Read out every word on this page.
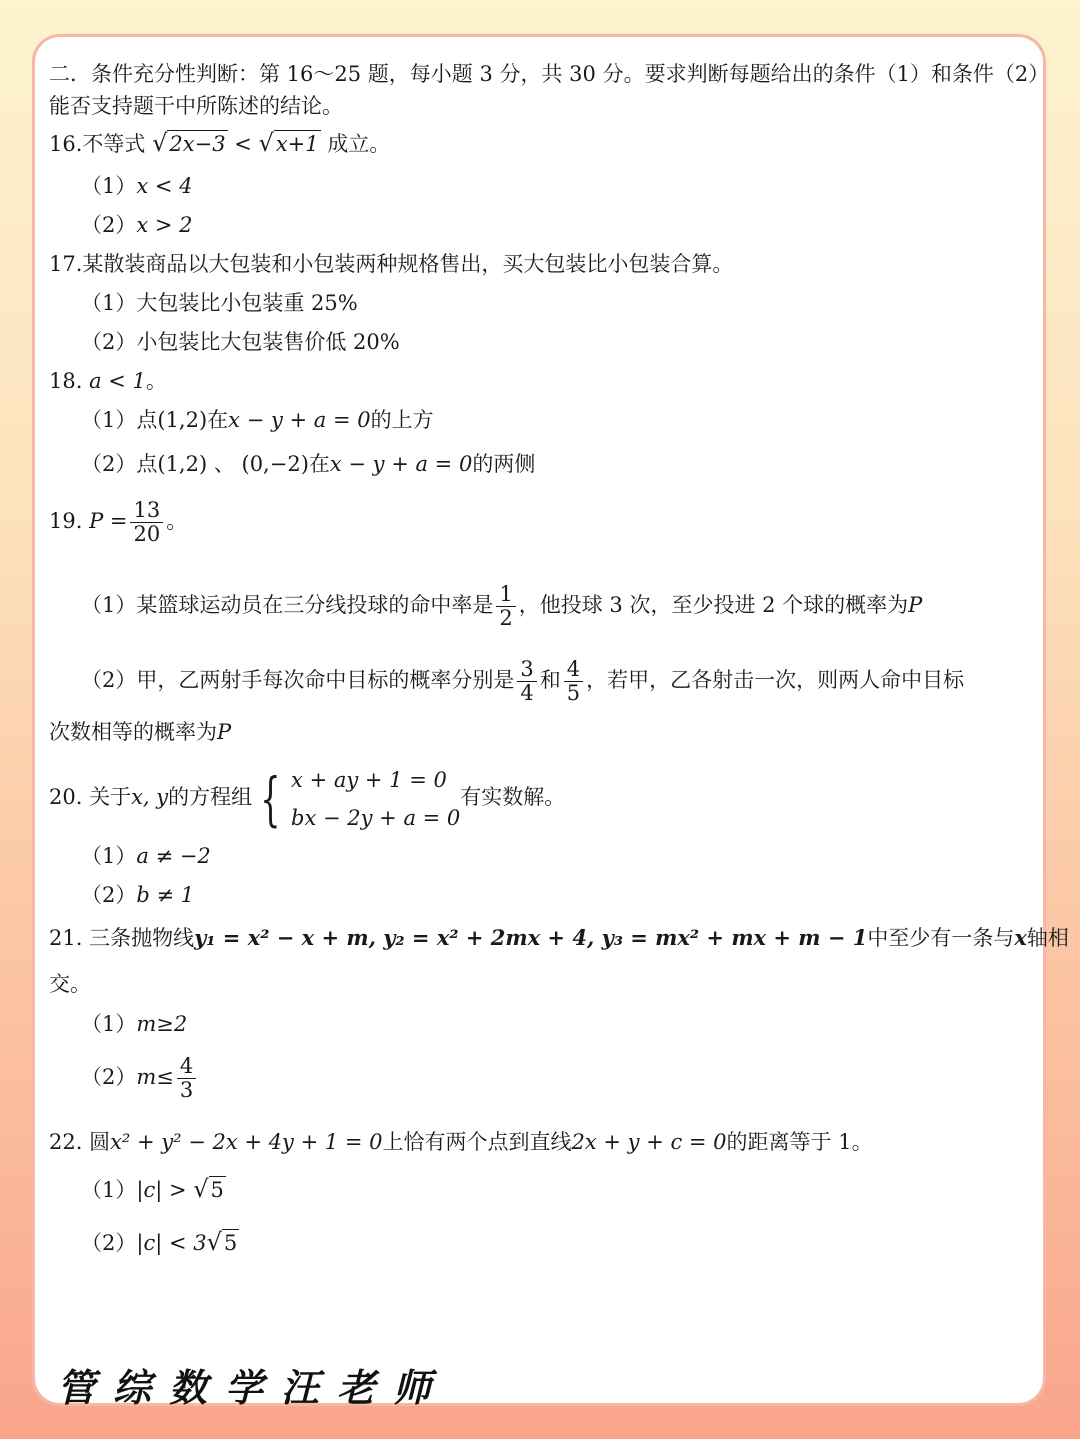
二．条件充分性判断：第 16～25 题，每小题 3 分，共 30 分。要求判断每题给出的条件（1）和条件（2）
能否支持题干中所陈述的结论。
16.不等式 √ 2x−3 < √ x+1 成立。
（1）x < 4
（2）x > 2
17.某散装商品以大包装和小包装两种规格售出，买大包装比小包装合算。
（1）大包装比小包装重 25%
（2）小包装比大包装售价低 20%
18. a < 1。
（1）点(1,2)在x − y + a = 0的上方
（2）点(1,2) 、 (0,−2)在x − y + a = 0的两侧
19. $P = \frac{13}{20}$ 。
（1）某篮球运动员在三分线投球的命中率是 $\frac{1}{2}$ ，他投球 3 次，至少投进 2 个球的概率为P
（2）甲，乙两射手每次命中目标的概率分别是 $\frac{3}{4}$ 和 $\frac{4}{5}$ ，若甲，乙各射击一次，则两人命中目标
次数相等的概率为P
20. 关于x, y的方程组 { x + ay + 1 = 0
bx − 2y + a = 0
有实数解。
（1）a ≠ −2
（2）b ≠ 1
21. 三条抛物线y₁ = x² − x + m, y₂ = x² + 2mx + 4, y₃ = mx² + mx + m − 1中至少有一条与x轴相
交。
（1）m≥2
$(2)m\le \frac{4}{3}$
22. 圆x² + y² − 2x + 4y + 1 = 0上恰有两个点到直线2x + y + c = 0的距离等于 1。
（1）|c| > √ 5
（2）|c| < 3 √ 5
管综数学汪老师
